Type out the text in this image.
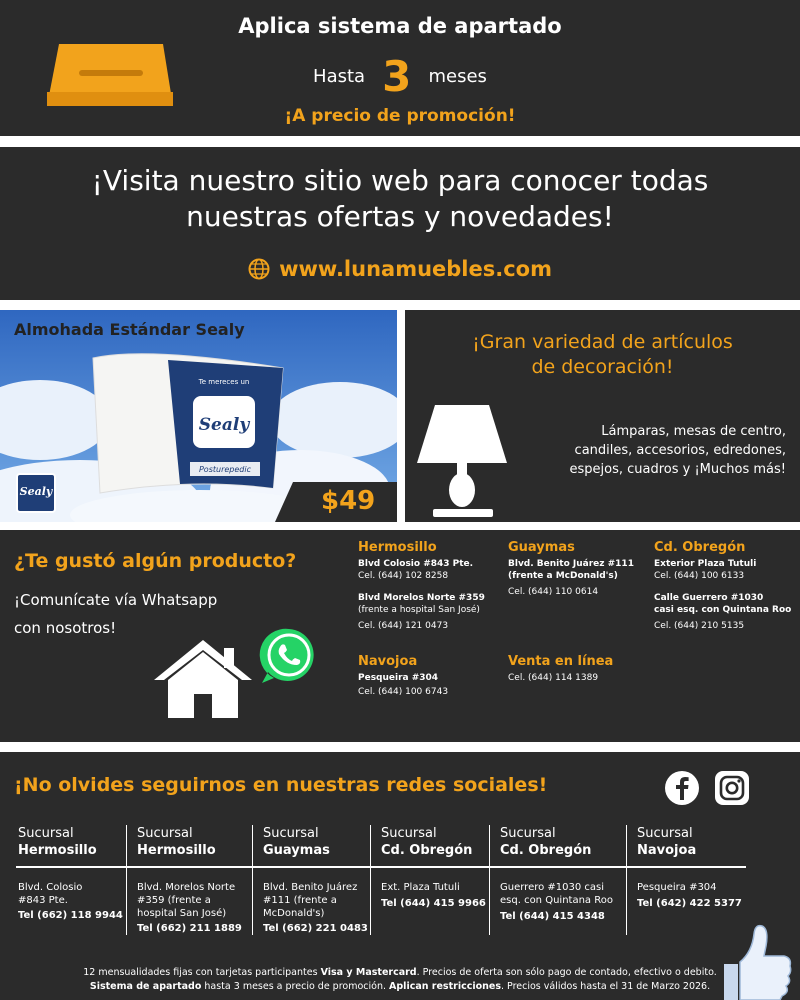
Aplica sistema de apartado
Hasta 3 meses
¡A precio de promoción!
¡Visita nuestro sitio web para conocer todas
nuestras ofertas y novedades!
www.lunamuebles.com
Sealy
Te mereces un
Posturepedic
Sealy
Almohada Estándar Sealy
$49
¡Gran variedad de artículos
de decoración!
Lámparas, mesas de centro,
candiles, accesorios, edredones,
espejos, cuadros y ¡Muchos más!
¿Te gustó algún producto?
¡Comunícate vía Whatsapp
con nosotros!
Hermosillo
Blvd Colosio #843 Pte.
Cel. (644) 102 8258
Blvd Morelos Norte #359
(frente a hospital San José)
Cel. (644) 121 0473
Navojoa
Pesqueira #304
Cel. (644) 100 6743
Guaymas
Blvd. Benito Juárez #111
(frente a McDonald's)
Cel. (644) 110 0614
Venta en línea
Cel. (644) 114 1389
Cd. Obregón
Exterior Plaza Tutuli
Cel. (644) 100 6133
Calle Guerrero #1030
casi esq. con Quintana Roo
Cel. (644) 210 5135
¡No olvides seguirnos en nuestras redes sociales!
Sucursal
Hermosillo
Blvd. Colosio
#843 Pte.
Tel (662) 118 9944
Sucursal
Hermosillo
Blvd. Morelos Norte
#359 (frente a
hospital San José)
Tel (662) 211 1889
Sucursal
Guaymas
Blvd. Benito Juárez
#111 (frente a
McDonald's)
Tel (662) 221 0483
Sucursal
Cd. Obregón
Ext. Plaza Tutuli
Tel (644) 415 9966
Sucursal
Cd. Obregón
Guerrero #1030 casi
esq. con Quintana Roo
Tel (644) 415 4348
Sucursal
Navojoa
Pesqueira #304
Tel (642) 422 5377
12 mensualidades fijas con tarjetas participantes Visa y Mastercard. Precios de oferta son sólo pago de contado, efectivo o debito.
Sistema de apartado hasta 3 meses a precio de promoción. Aplican restricciones. Precios válidos hasta el 31 de Marzo 2026.
